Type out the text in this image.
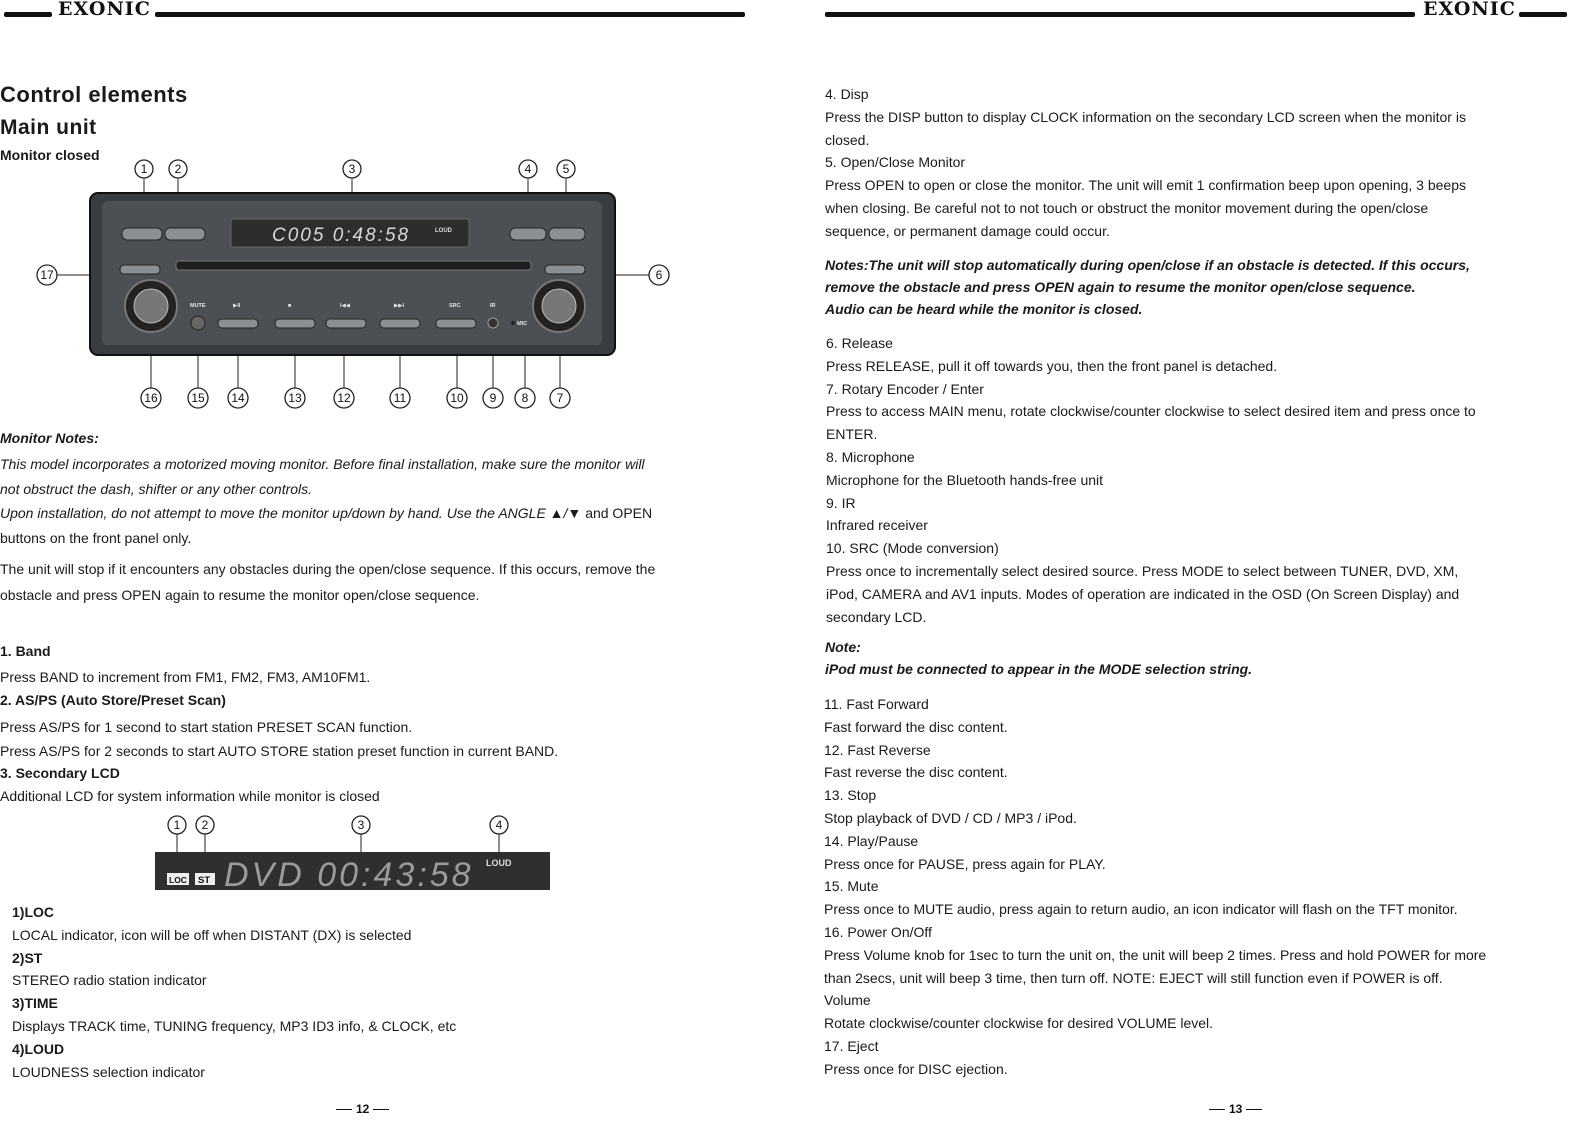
EXONIC
Control elements
Main unit
Monitor closed
C005 0:48:58	LOUD
MUTE	▶II	■	I◀◀	▶▶I	SRC	IR
MIC
1 2	3	4	5
17	6
16	15 14	13	12	11	10 9 8 7
Monitor Notes:
This model incorporates a motorized moving monitor. Before final installation, make sure the monitor will
not obstruct the dash, shifter or any other controls.
Upon installation, do not attempt to move the monitor up/down by hand. Use the ANGLE ▲/▼ and OPEN
buttons on the front panel only.
The unit will stop if it encounters any obstacles during the open/close sequence. If this occurs, remove the
obstacle and press OPEN again to resume the monitor open/close sequence.
1. Band
Press BAND to increment from FM1, FM2, FM3, AM10FM1.
2. AS/PS (Auto Store/Preset Scan)
Press AS/PS for 1 second to start station PRESET SCAN function.
Press AS/PS for 2 seconds to start AUTO STORE station preset function in current BAND.
3. Secondary LCD
Additional LCD for system information while monitor is closed
1 2	3	4
LOC ST DVD 00:43:58 LOUD
1)LOC
LOCAL indicator, icon will be off when DISTANT (DX) is selected
2)ST
STEREO radio station indicator
3)TIME
Displays TRACK time, TUNING frequency, MP3 ID3 info, & CLOCK, etc
4)LOUD
LOUDNESS selection indicator
12
EXONIC
4. Disp
Press the DISP button to display CLOCK information on the secondary LCD screen when the monitor is
closed.
5. Open/Close Monitor
Press OPEN to open or close the monitor. The unit will emit 1 confirmation beep upon opening, 3 beeps
when closing. Be careful not to not touch or obstruct the monitor movement during the open/close
sequence, or permanent damage could occur.
Notes:The unit will stop automatically during open/close if an obstacle is detected. If this occurs,
remove the obstacle and press OPEN again to resume the monitor open/close sequence.
Audio can be heard while the monitor is closed.
6. Release
Press RELEASE, pull it off towards you, then the front panel is detached.
7. Rotary Encoder / Enter
Press to access MAIN menu, rotate clockwise/counter clockwise to select desired item and press once to
ENTER.
8. Microphone
Microphone for the Bluetooth hands-free unit
9. IR
Infrared receiver
10. SRC (Mode conversion)
Press once to incrementally select desired source. Press MODE to select between TUNER, DVD, XM,
iPod, CAMERA and AV1 inputs. Modes of operation are indicated in the OSD (On Screen Display) and
secondary LCD.
Note:
iPod must be connected to appear in the MODE selection string.
11. Fast Forward
Fast forward the disc content.
12. Fast Reverse
Fast reverse the disc content.
13. Stop
Stop playback of DVD / CD / MP3 / iPod.
14. Play/Pause
Press once for PAUSE, press again for PLAY.
15. Mute
Press once to MUTE audio, press again to return audio, an icon indicator will flash on the TFT monitor.
16. Power On/Off
Press Volume knob for 1sec to turn the unit on, the unit will beep 2 times. Press and hold POWER for more
than 2secs, unit will beep 3 time, then turn off. NOTE: EJECT will still function even if POWER is off.
Volume
Rotate clockwise/counter clockwise for desired VOLUME level.
17. Eject
Press once for DISC ejection.
13
